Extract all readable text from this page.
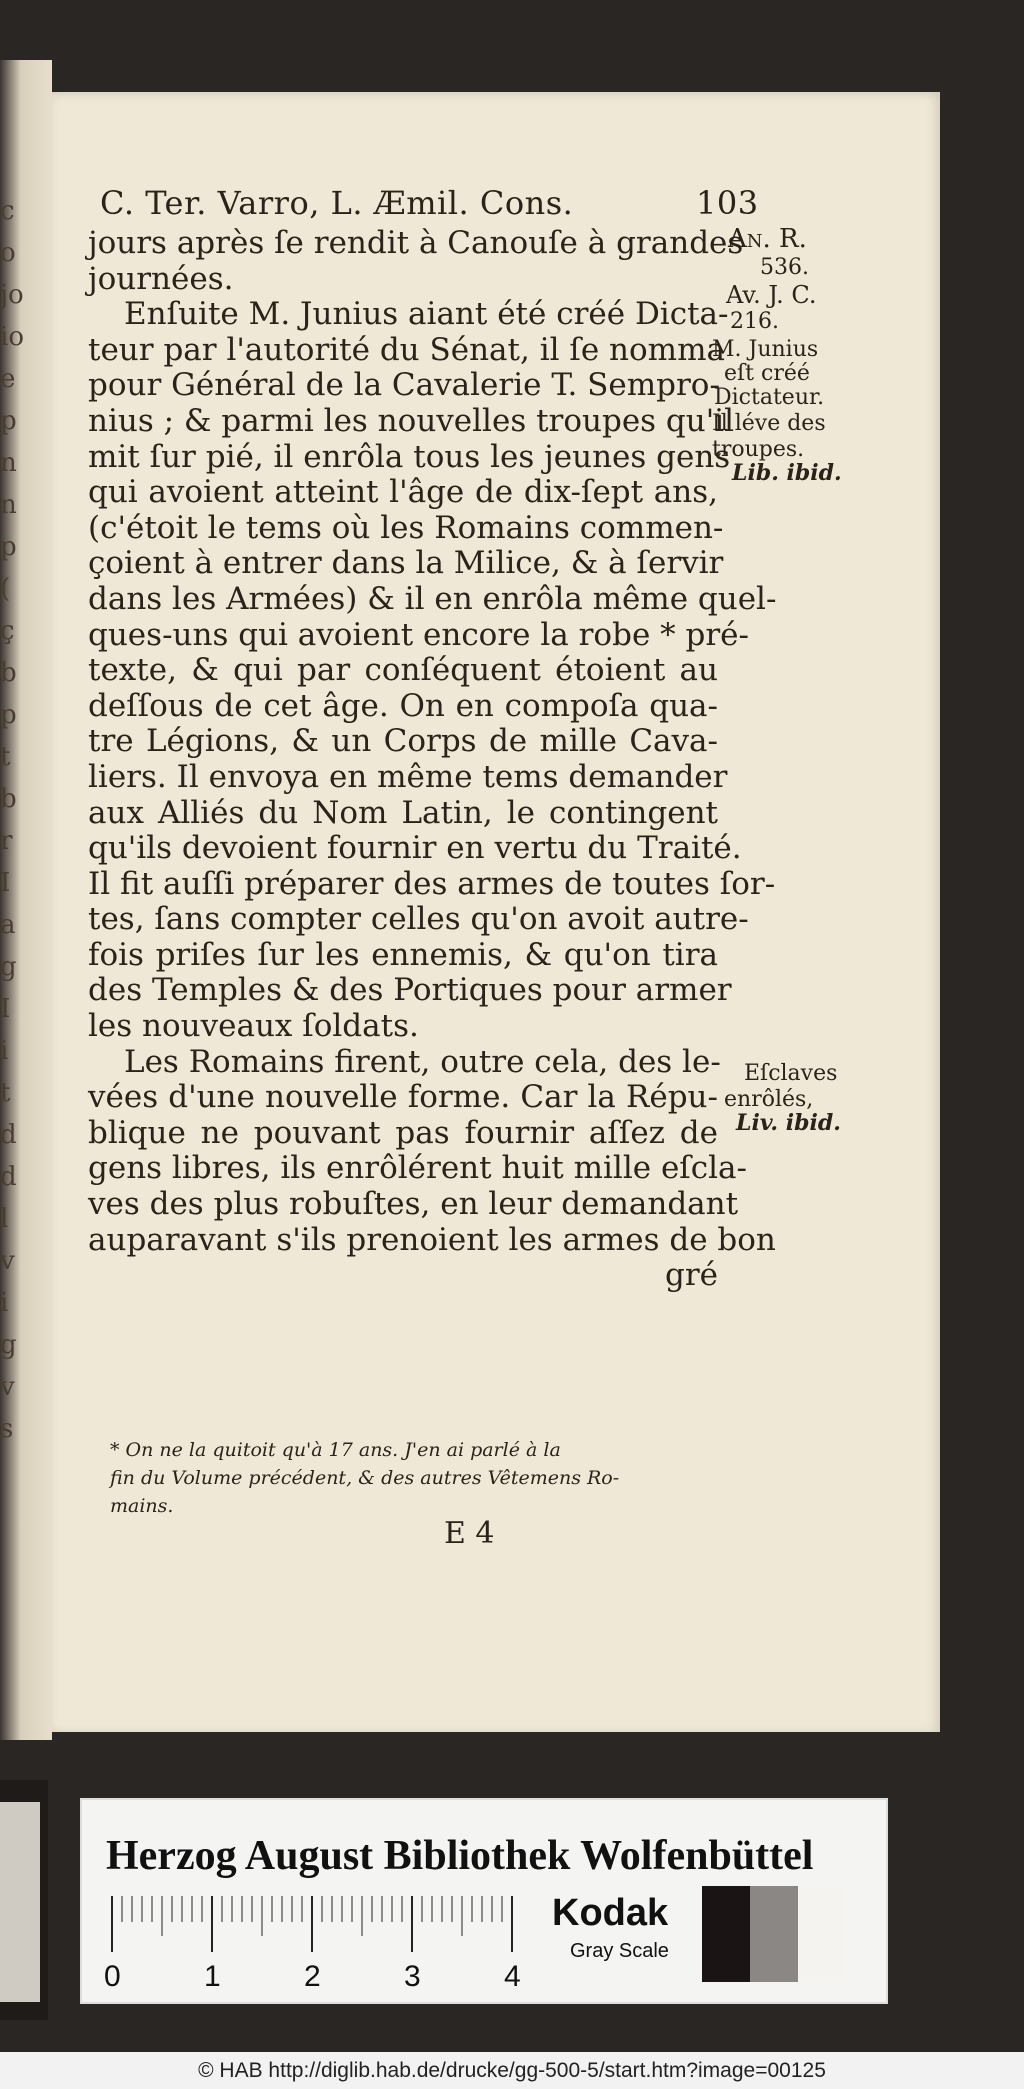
c
o
jo
io
e
p
n
n
p
(
ç
b
p
t
b
r
I
a
g
I
i
t
d
d
l
v
i
g
v
s
C. Ter. Varro, L. Æmil. Cons.	103
jours après ſe rendit à Canouſe à grandes
journées.
Enſuite M. Junius aiant été créé Dicta-
teur par l'autorité du Sénat, il ſe nomma
pour Général de la Cavalerie T. Sempro-
nius ; & parmi les nouvelles troupes qu'il
mit ſur pié, il enrôla tous les jeunes gens
qui avoient atteint l'âge de dix-ſept ans,
(c'étoit le tems où les Romains commen-
çoient à entrer dans la Milice, & à ſervir
dans les Armées) & il en enrôla même quel-
ques-uns qui avoient encore la robe * pré-
texte, & qui par conſéquent étoient au
deſſous de cet âge. On en compoſa qua-
tre Légions, & un Corps de mille Cava-
liers. Il envoya en même tems demander
aux Alliés du Nom Latin, le contingent
qu'ils devoient fournir en vertu du Traité.
Il fit auſſi préparer des armes de toutes ſor-
tes, ſans compter celles qu'on avoit autre-
fois priſes ſur les ennemis, & qu'on tira
des Temples & des Portiques pour armer
les nouveaux ſoldats.
Les Romains firent, outre cela, des le-
vées d'une nouvelle forme. Car la Répu-
blique ne pouvant pas fournir aſſez de
gens libres, ils enrôlérent huit mille eſcla-
ves des plus robuſtes, en leur demandant
auparavant s'ils prenoient les armes de bon
gré
An. R.
536.
Av. J. C.
216.
M. Junius
eſt créé
Dictateur.
Il léve des
troupes.
Lib. ibid.
Eſclaves
enrôlés,
Liv. ibid.
* On ne la quitoit qu'à 17 ans. J'en ai parlé à la
fin du Volume précédent, & des autres Vêtemens Ro-
mains.
E 4
Herzog August Bibliothek Wolfenbüttel
0	1	2	3	4
Kodak
Gray Scale
© HAB http://diglib.hab.de/drucke/gg-500-5/start.htm?image=00125
